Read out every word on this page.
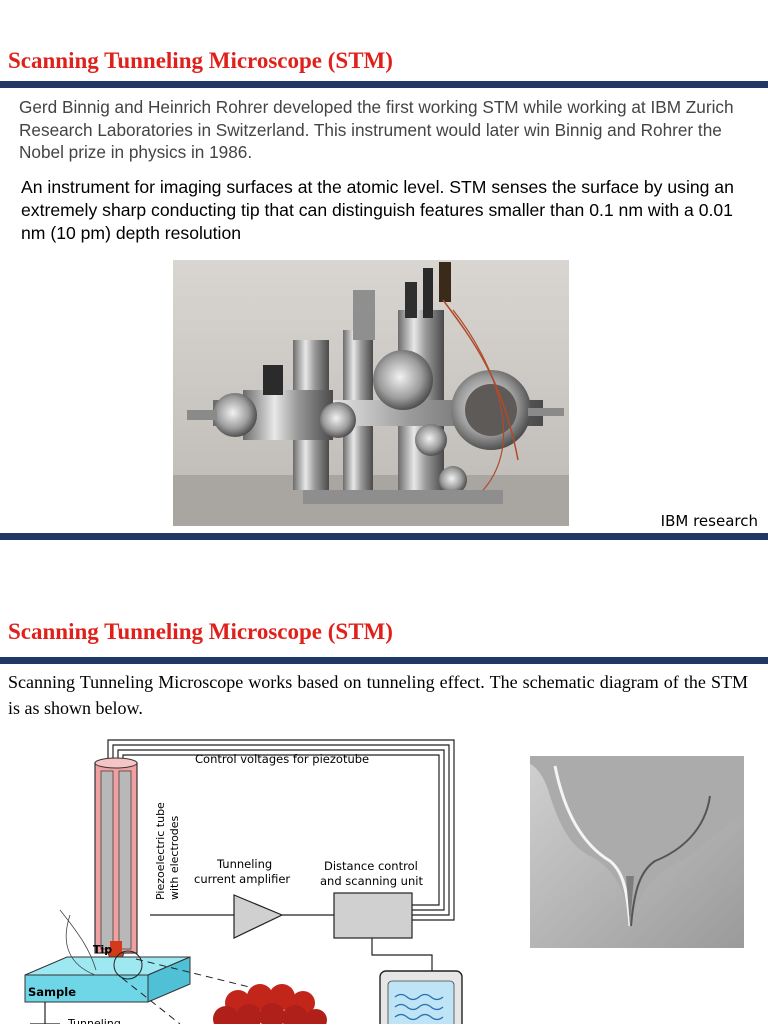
Scanning Tunneling Microscope (STM)

Gerd Binnig and Heinrich Rohrer developed the first working STM while working at IBM Zurich Research Laboratories in Switzerland. This instrument would later win Binnig and Rohrer the Nobel prize in physics in 1986.

An instrument for imaging surfaces at the atomic level. STM senses the surface by using an extremely sharp conducting tip that can distinguish features smaller than 0.1 nm with a 0.01 nm (10 pm) depth resolution

IBM research
Scanning Tunneling Microscope (STM)

Scanning Tunneling Microscope works based on tunneling effect. The schematic diagram of the STM is as shown below.

Control voltages for piezotube
Piezoelectric tube with electrodes	Tunneling
current amplifier
Distance control
and scanning unit
Sample
Tip
Tunneling
